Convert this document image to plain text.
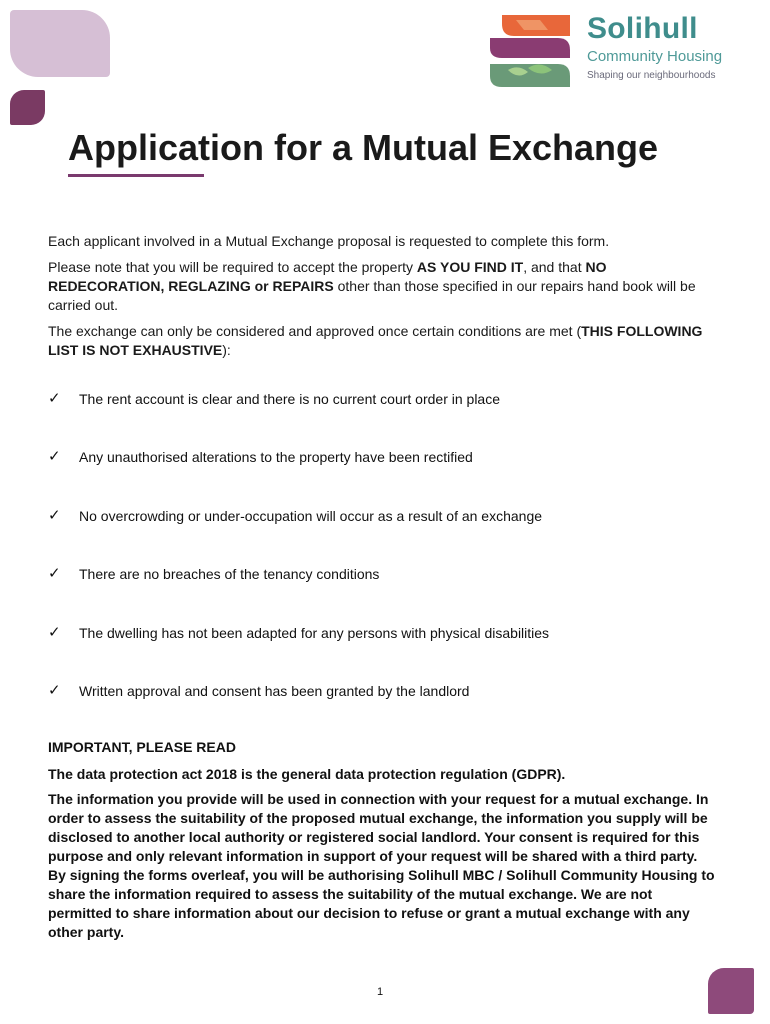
Solihull
Community Housing
Shaping our neighbourhoods
Application for a Mutual Exchange
Each applicant involved in a Mutual Exchange proposal is requested to complete this form.
Please note that you will be required to accept the property AS YOU FIND IT, and that NO REDECORATION, REGLAZING or REPAIRS other than those specified in our repairs hand book will be carried out.
The exchange can only be considered and approved once certain conditions are met (THIS FOLLOWING LIST IS NOT EXHAUSTIVE):
✓ The rent account is clear and there is no current court order in place
✓ Any unauthorised alterations to the property have been rectified
✓ No overcrowding or under-occupation will occur as a result of an exchange
✓ There are no breaches of the tenancy conditions
✓ The dwelling has not been adapted for any persons with physical disabilities
✓ Written approval and consent has been granted by the landlord
IMPORTANT, PLEASE READ
The data protection act 2018 is the general data protection regulation (GDPR).
The information you provide will be used in connection with your request for a mutual exchange. In order to assess the suitability of the proposed mutual exchange, the information you supply will be disclosed to another local authority or registered social landlord. Your consent is required for this purpose and only relevant information in support of your request will be shared with a third party. By signing the forms overleaf, you will be authorising Solihull MBC / Solihull Community Housing to share the information required to assess the suitability of the mutual exchange. We are not permitted to share information about our decision to refuse or grant a mutual exchange with any other party.
1
